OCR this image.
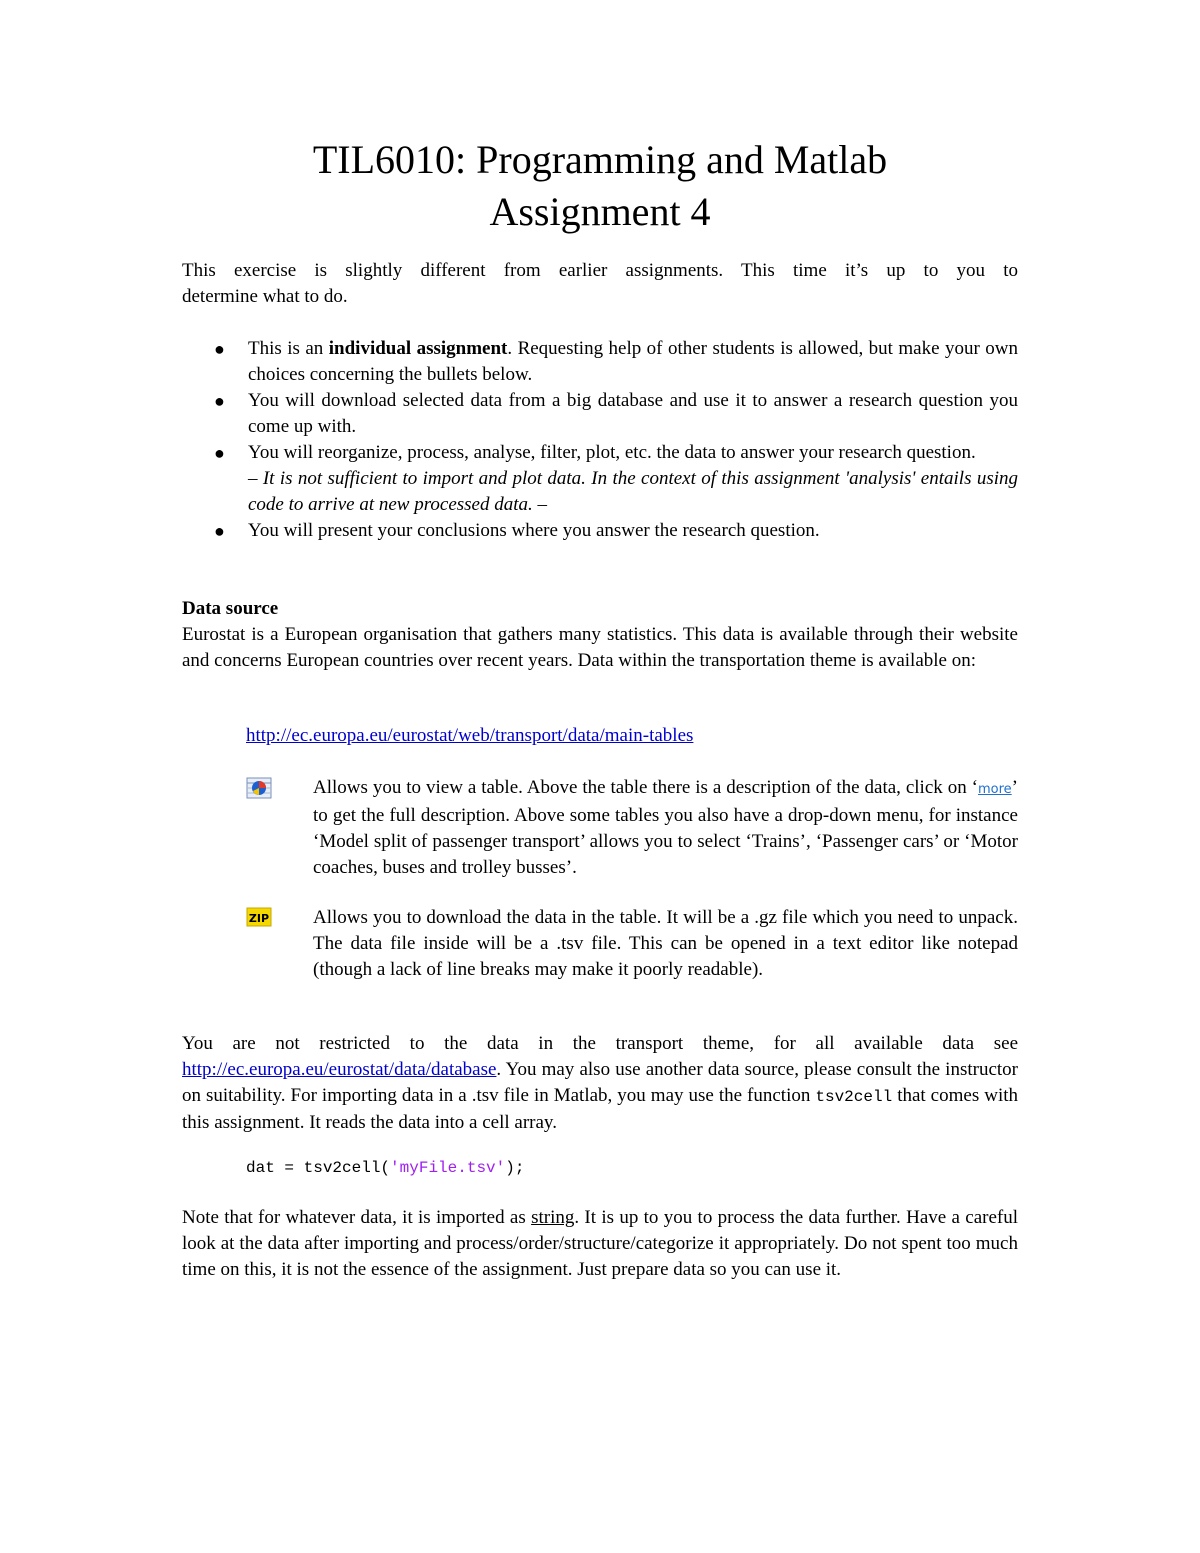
TIL6010: Programming and Matlab
Assignment 4
This exercise is slightly different from earlier assignments. This time it’s up to you to
determine what to do.
● This is an individual assignment. Requesting help of other students is allowed, but make your own choices concerning the bullets below.
● You will download selected data from a big database and use it to answer a research question you come up with.
● You will reorganize, process, analyse, filter, plot, etc. the data to answer your research question.
– It is not sufficient to import and plot data. In the context of this assignment 'analysis' entails using code to arrive at new processed data. –
● You will present your conclusions where you answer the research question.
Data source
Eurostat is a European organisation that gathers many statistics. This data is available through their website and concerns European countries over recent years. Data within the transportation theme is available on:
http://ec.europa.eu/eurostat/web/transport/data/main-tables
Allows you to view a table. Above the table there is a description of the data, click on ‘more’ to get the full description. Above some tables you also have a drop-down menu, for instance ‘Model split of passenger transport’ allows you to select ‘Trains’, ‘Passenger cars’ or ‘Motor coaches, buses and trolley busses’.
ZIP Allows you to download the data in the table. It will be a .gz file which you need to unpack. The data file inside will be a .tsv file. This can be opened in a text editor like notepad (though a lack of line breaks may make it poorly readable).
You are not restricted to the data in the transport theme, for all available data see http://ec.europa.eu/eurostat/data/database. You may also use another data source, please consult the instructor on suitability. For importing data in a .tsv file in Matlab, you may use the function tsv2cell that comes with this assignment. It reads the data into a cell array.
dat = tsv2cell('myFile.tsv');
Note that for whatever data, it is imported as string. It is up to you to process the data further. Have a careful look at the data after importing and process/order/structure/categorize it appropriately. Do not spent too much time on this, it is not the essence of the assignment. Just prepare data so you can use it.
